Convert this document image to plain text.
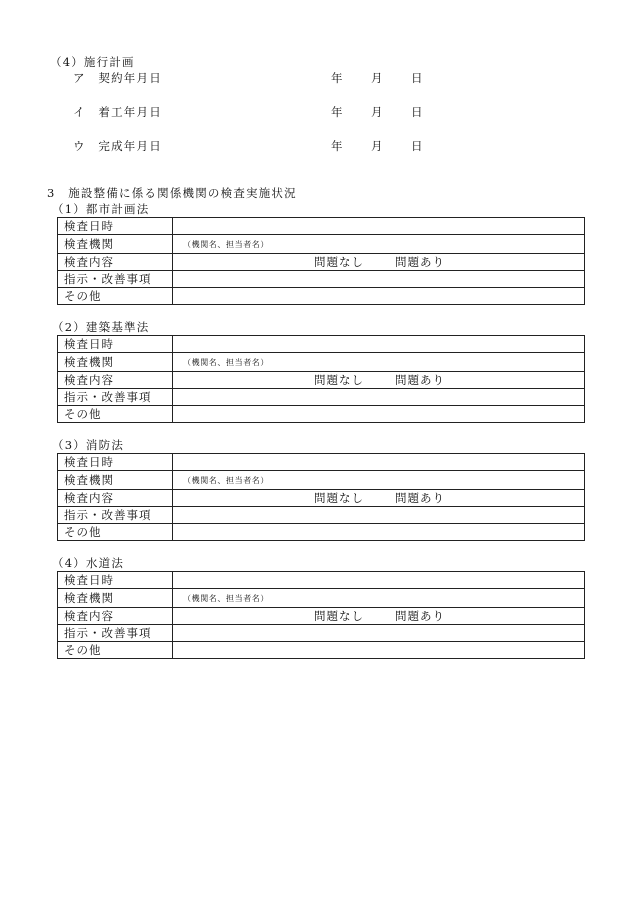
（4）施行計画
ア　契約年月日	年 月 日
イ　着工年月日	年 月 日
ウ　完成年月日	年 月 日
3　施設整備に係る関係機関の検査実施状況
（1）都市計画法
検査日時	
検査機関	（機関名、担当者名）
検査内容	問題なし 問題あり

指示・改善事項	
その他	
（2）建築基準法
検査日時	
検査機関	（機関名、担当者名）
検査内容	問題なし 問題あり

指示・改善事項	
その他	
（3）消防法
検査日時	
検査機関	（機関名、担当者名）
検査内容	問題なし 問題あり

指示・改善事項	
その他	
（4）水道法
検査日時	
検査機関	（機関名、担当者名）
検査内容	問題なし 問題あり

指示・改善事項	
その他	
